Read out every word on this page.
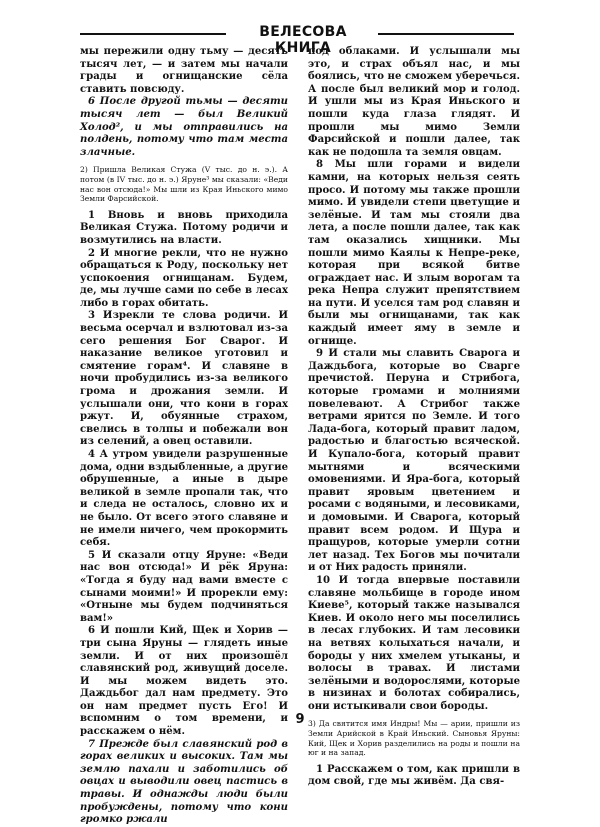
ВЕЛЕСОВА КНИГА

мы пережили одну тьму — десять тысяч лет, — и затем мы начали грады и огнищанские сёла ставить повсюду.

6 После другой тьмы — десяти тысяч лет — был Великий Холод², и мы отправились на полдень, потому что там места злачные.

2) Пришла Великая Стужа (V тыс. до н. э.). А потом (в IV тыс. до н. э.) Яруне³ мы сказали: «Веди нас вон отсюда!» Мы шли из Края Иньского мимо Земли Фарсийской.

1 Вновь и вновь приходила Великая Стужа. Потому родичи и возмутились на власти.

2 И многие рекли, что не нужно обращаться к Роду, поскольку нет успокоения огнищанам. Будем, де, мы лучше сами по себе в лесах либо в горах обитать.

3 Изрекли те слова родичи. И весьма осерчал и взлютовал из-за сего решения Бог Сварог. И наказание великое уготовил и смятение горам⁴. И славяне в ночи пробудились из-за великого грома и дрожания земли. И услышали они, что кони в горах ржут. И, обуянные страхом, свелись в толпы и побежали вон из селений, а овец оставили.

4 А утром увидели разрушенные дома, одни вздыбленные, а другие обрушенные, а иные в дыре великой в земле пропали так, что и следа не осталось, словно их и не было. От всего этого славяне и не имели ничего, чем прокормить себя.

5 И сказали отцу Яруне: «Веди нас вон отсюда!» И рёк Яруна: «Тогда я буду над вами вместе с сынами моими!» И прорекли ему: «Отныне мы будем подчиняться вам!»

6 И пошли Кий, Щек и Хорив — три сына Яруны — глядеть иные земли. И от них произошёл славянский род, живущий доселе. И мы можем видеть это. Даждьбог дал нам предмету. Это он нам предмет пусть Его! И вспомним о том времени, и расскажем о нём.

7 Прежде был славянский род в горах великих и высоких. Там мы землю пахали и заботились об овцах и выводили овец пастись в травы. И однажды люди были пробуждены, потому что кони громко ржали

под облаками. И услышали мы это, и страх объял нас, и мы боялись, что не сможем уберечься. А после был великий мор и голод. И ушли мы из Края Иньского и пошли куда глаза глядят. И прошли мы мимо Земли Фарсийской и пошли далее, так как не подошла та земля овцам.

8 Мы шли горами и видели камни, на которых нельзя сеять просо. И потому мы также прошли мимо. И увидели степи цветущие и зелёные. И там мы стояли два лета, а после пошли далее, так как там оказались хищники. Мы пошли мимо Каялы к Непре-реке, которая при всякой битве ограждает нас. И злым ворогам та река Непра служит препятствием на пути. И уселся там род славян и были мы огнищанами, так как каждый имеет яму в земле и огнище.

9 И стали мы славить Сварога и Даждьбога, которые во Сварге пречистой. Перуна и Стрибога, которые громами и молниями повелевают. А Стрибог также ветрами ярится по Земле. И того Лада-бога, который правит ладом, радостью и благостью всячеcкой. И Купало-бога, который правит мытнями и всяческими омовениями. И Яра-бога, который правит яровым цветением и росами с водяными, и лесовиками, и домовыми. И Сварога, который правит всем родом. И Щура и пращуров, которые умерли сотни лет назад. Тех Богов мы почитали и от Них радость приняли.

10 И тогда впервые поставили славяне мольбище в городе ином Киеве⁵, который также назывался Киев. И около него мы поселились в лесах глубоких. И там лесовики на ветвях колыхаться начали, и бороды у них хмелем утыканы, и волосы в травах. И листами зелёными и водорослями, которые в низинах и болотах собирались, они истыкивали свои бороды.

3) Да святится имя Индры! Мы — арии, пришли из Земли Арийской в Край Иньский. Сыновья Яруны: Кий, Щек и Хорив разделились на роды и пошли на юг и на запад.

1 Расскажем о том, как пришли в дом свой, где мы живём. Да свя-

9
